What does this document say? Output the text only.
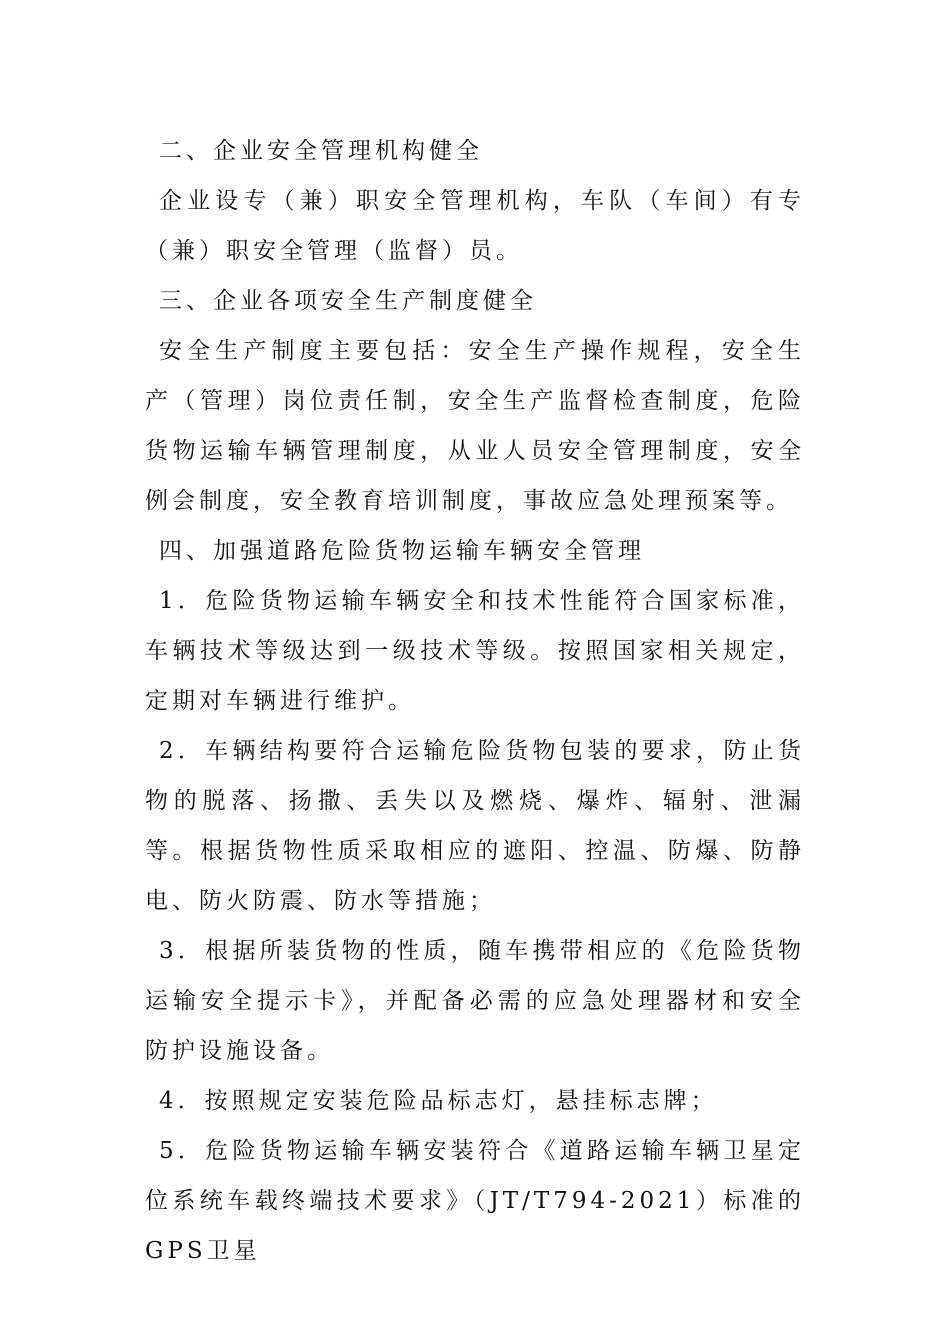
二、企业安全管理机构健全

企业设专（兼）职安全管理机构，车队（车间）有专（兼）职安全管理（监督）员。

三、企业各项安全生产制度健全

安全生产制度主要包括：安全生产操作规程，安全生产（管理）岗位责任制，安全生产监督检查制度，危险货物运输车辆管理制度，从业人员安全管理制度，安全例会制度，安全教育培训制度，事故应急处理预案等。

四、加强道路危险货物运输车辆安全管理

1．危险货物运输车辆安全和技术性能符合国家标准，车辆技术等级达到一级技术等级。按照国家相关规定，定期对车辆进行维护。

2．车辆结构要符合运输危险货物包装的要求，防止货物的脱落、扬撒、丢失以及燃烧、爆炸、辐射、泄漏等。根据货物性质采取相应的遮阳、控温、防爆、防静电、防火防震、防水等措施；

3．根据所装货物的性质，随车携带相应的《危险货物运输安全提示卡》，并配备必需的应急处理器材和安全防护设施设备。

4．按照规定安装危险品标志灯，悬挂标志牌；

5．危险货物运输车辆安装符合《道路运输车辆卫星定位系统车载终端技术要求》（JT/T794-2021）标准的GPS卫星
